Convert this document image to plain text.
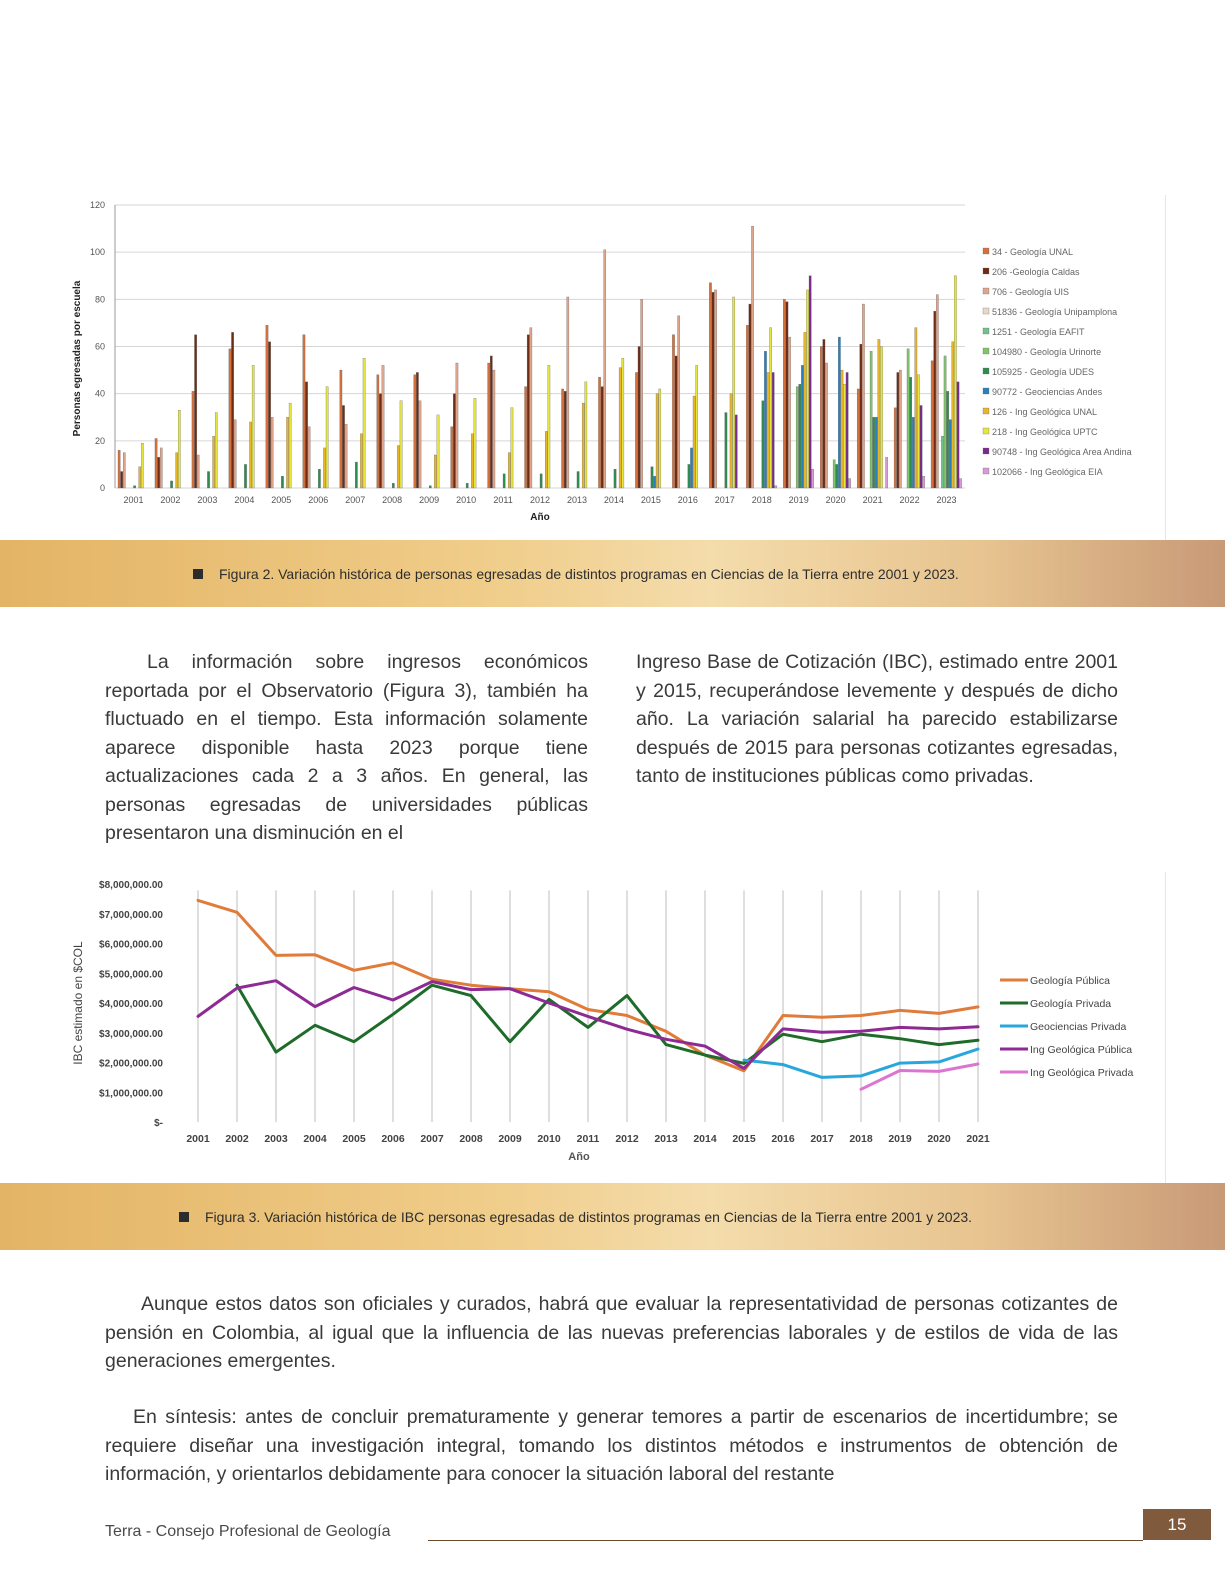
0
20
40
60
80
100
120
2001 2002 2003 2004 2005 2006 2007 2008 2009 2010 2011 2012 2013 2014 2015 2016 2017 2018 2019 2020 2021 2022 2023
Año
Personas egresadas por escuela
34 - Geología UNAL
206 -Geología Caldas
706 - Geología UIS
51836 - Geología Unipamplona
1251 - Geología EAFIT
104980 - Geología Urinorte
105925 - Geología UDES
90772 - Geociencias Andes
126 - Ing Geológica UNAL
218 - Ing Geológica UPTC
90748 - Ing Geológica Area Andina
102066 - Ing Geológica EIA
Figura 2. Variación histórica de personas egresadas de distintos programas en Ciencias de la Tierra entre 2001 y 2023.
La información sobre ingresos económicos reportada por el Observatorio (Figura 3), también ha fluctuado en el tiempo. Esta información solamente aparece disponible hasta 2023 porque tiene actualizaciones cada 2 a 3 años. En general, las personas egresadas de universidades públicas presentaron una disminución en el
Ingreso Base de Cotización (IBC), estimado entre 2001 y 2015, recuperándose levemente y después de dicho año. La variación salarial ha parecido estabilizarse después de 2015 para personas cotizantes egresadas, tanto de instituciones públicas como privadas.
$-
$1,000,000.00
$2,000,000.00
$3,000,000.00
$4,000,000.00
$5,000,000.00
$6,000,000.00
$7,000,000.00
$8,000,000.00
2001 2002 2003 2004 2005 2006 2007 2008 2009 2010 2011 2012 2013 2014 2015 2016 2017 2018 2019 2020 2021
Año
IBC estimado en $COL	Geología Pública
Geología Privada
Geociencias Privada
Ing Geológica Pública
Ing Geológica Privada
Figura 3. Variación histórica de IBC personas egresadas de distintos programas en Ciencias de la Tierra entre 2001 y 2023.
Aunque estos datos son oficiales y curados, habrá que evaluar la representatividad de personas cotizantes de pensión en Colombia, al igual que la influencia de las nuevas preferencias laborales y de estilos de vida de las generaciones emergentes.
En síntesis: antes de concluir prematuramente y generar temores a partir de escenarios de incertidumbre; se requiere diseñar una investigación integral, tomando los distintos métodos e instrumentos de obtención de información, y orientarlos debidamente para conocer la situación laboral del restante
Terra - Consejo Profesional de Geología	15
